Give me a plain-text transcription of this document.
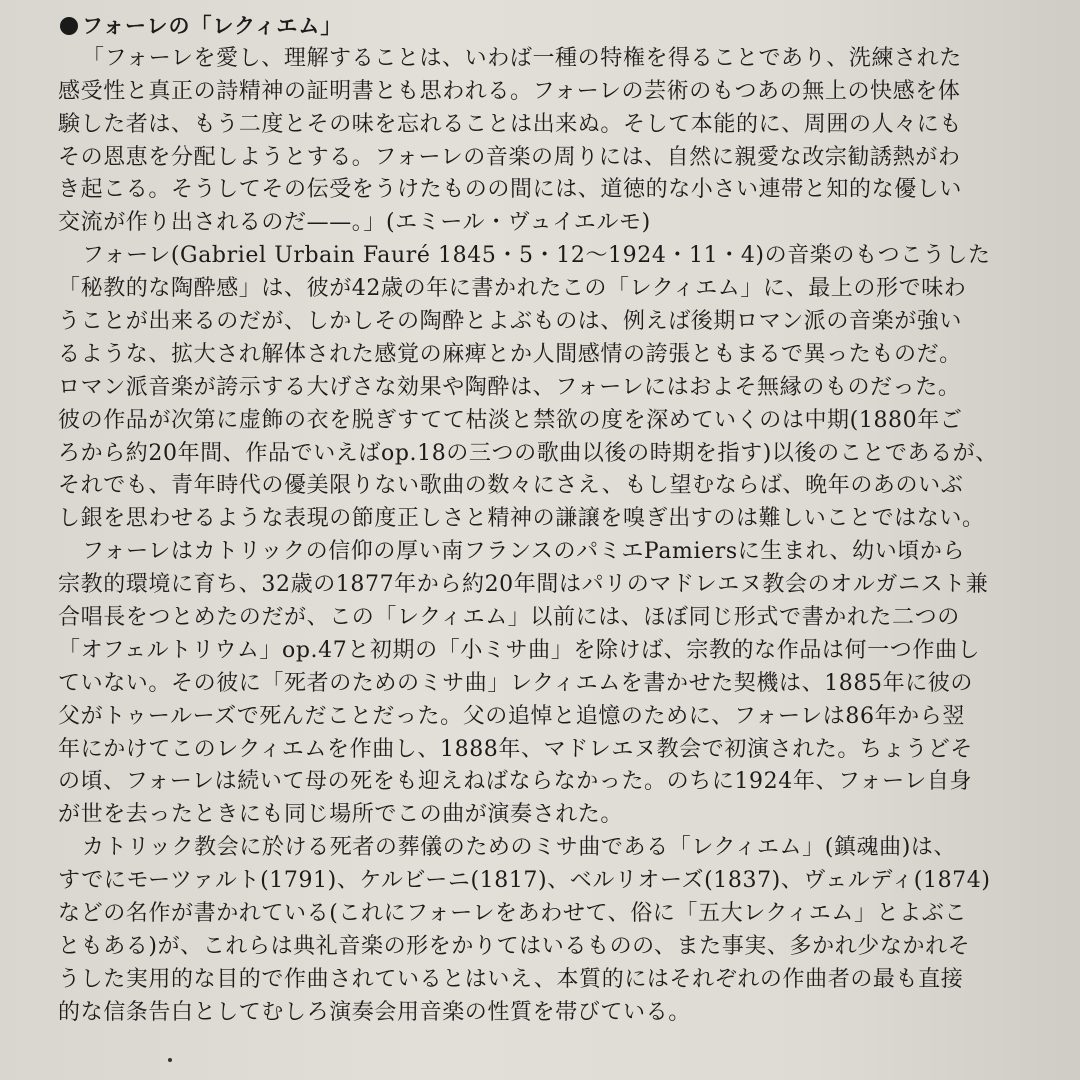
フォーレの「レクィエム」
「フォーレを愛し、理解することは、いわば一種の特権を得ることであり、洗練された
感受性と真正の詩精神の証明書とも思われる。フォーレの芸術のもつあの無上の快感を体
験した者は、もう二度とその味を忘れることは出来ぬ。そして本能的に、周囲の人々にも
その恩恵を分配しようとする。フォーレの音楽の周りには、自然に親愛な改宗勧誘熱がわ
き起こる。そうしてその伝受をうけたものの間には、道徳的な小さい連帯と知的な優しい
交流が作り出されるのだ——。」(エミール・ヴュイエルモ)
フォーレ(Gabriel Urbain Fauré 1845・5・12〜1924・11・4)の音楽のもつこうした
「秘教的な陶酔感」は、彼が42歳の年に書かれたこの「レクィエム」に、最上の形で味わ
うことが出来るのだが、しかしその陶酔とよぶものは、例えば後期ロマン派の音楽が強い
るような、拡大され解体された感覚の麻痺とか人間感情の誇張ともまるで異ったものだ。
ロマン派音楽が誇示する大げさな効果や陶酔は、フォーレにはおよそ無縁のものだった。
彼の作品が次第に虚飾の衣を脱ぎすてて枯淡と禁欲の度を深めていくのは中期(1880年ご
ろから約20年間、作品でいえばop.18の三つの歌曲以後の時期を指す)以後のことであるが、
それでも、青年時代の優美限りない歌曲の数々にさえ、もし望むならば、晩年のあのいぶ
し銀を思わせるような表現の節度正しさと精神の謙譲を嗅ぎ出すのは難しいことではない。
フォーレはカトリックの信仰の厚い南フランスのパミエPamiersに生まれ、幼い頃から
宗教的環境に育ち、32歳の1877年から約20年間はパリのマドレエヌ教会のオルガニスト兼
合唱長をつとめたのだが、この「レクィエム」以前には、ほぼ同じ形式で書かれた二つの
「オフェルトリウム」op.47と初期の「小ミサ曲」を除けば、宗教的な作品は何一つ作曲し
ていない。その彼に「死者のためのミサ曲」レクィエムを書かせた契機は、1885年に彼の
父がトゥールーズで死んだことだった。父の追悼と追憶のために、フォーレは86年から翌
年にかけてこのレクィエムを作曲し、1888年、マドレエヌ教会で初演された。ちょうどそ
の頃、フォーレは続いて母の死をも迎えねばならなかった。のちに1924年、フォーレ自身
が世を去ったときにも同じ場所でこの曲が演奏された。
カトリック教会に於ける死者の葬儀のためのミサ曲である「レクィエム」(鎮魂曲)は、
すでにモーツァルト(1791)、ケルビーニ(1817)、ベルリオーズ(1837)、ヴェルディ(1874)
などの名作が書かれている(これにフォーレをあわせて、俗に「五大レクィエム」とよぶこ
ともある)が、これらは典礼音楽の形をかりてはいるものの、また事実、多かれ少なかれそ
うした実用的な目的で作曲されているとはいえ、本質的にはそれぞれの作曲者の最も直接
的な信条告白としてむしろ演奏会用音楽の性質を帯びている。
